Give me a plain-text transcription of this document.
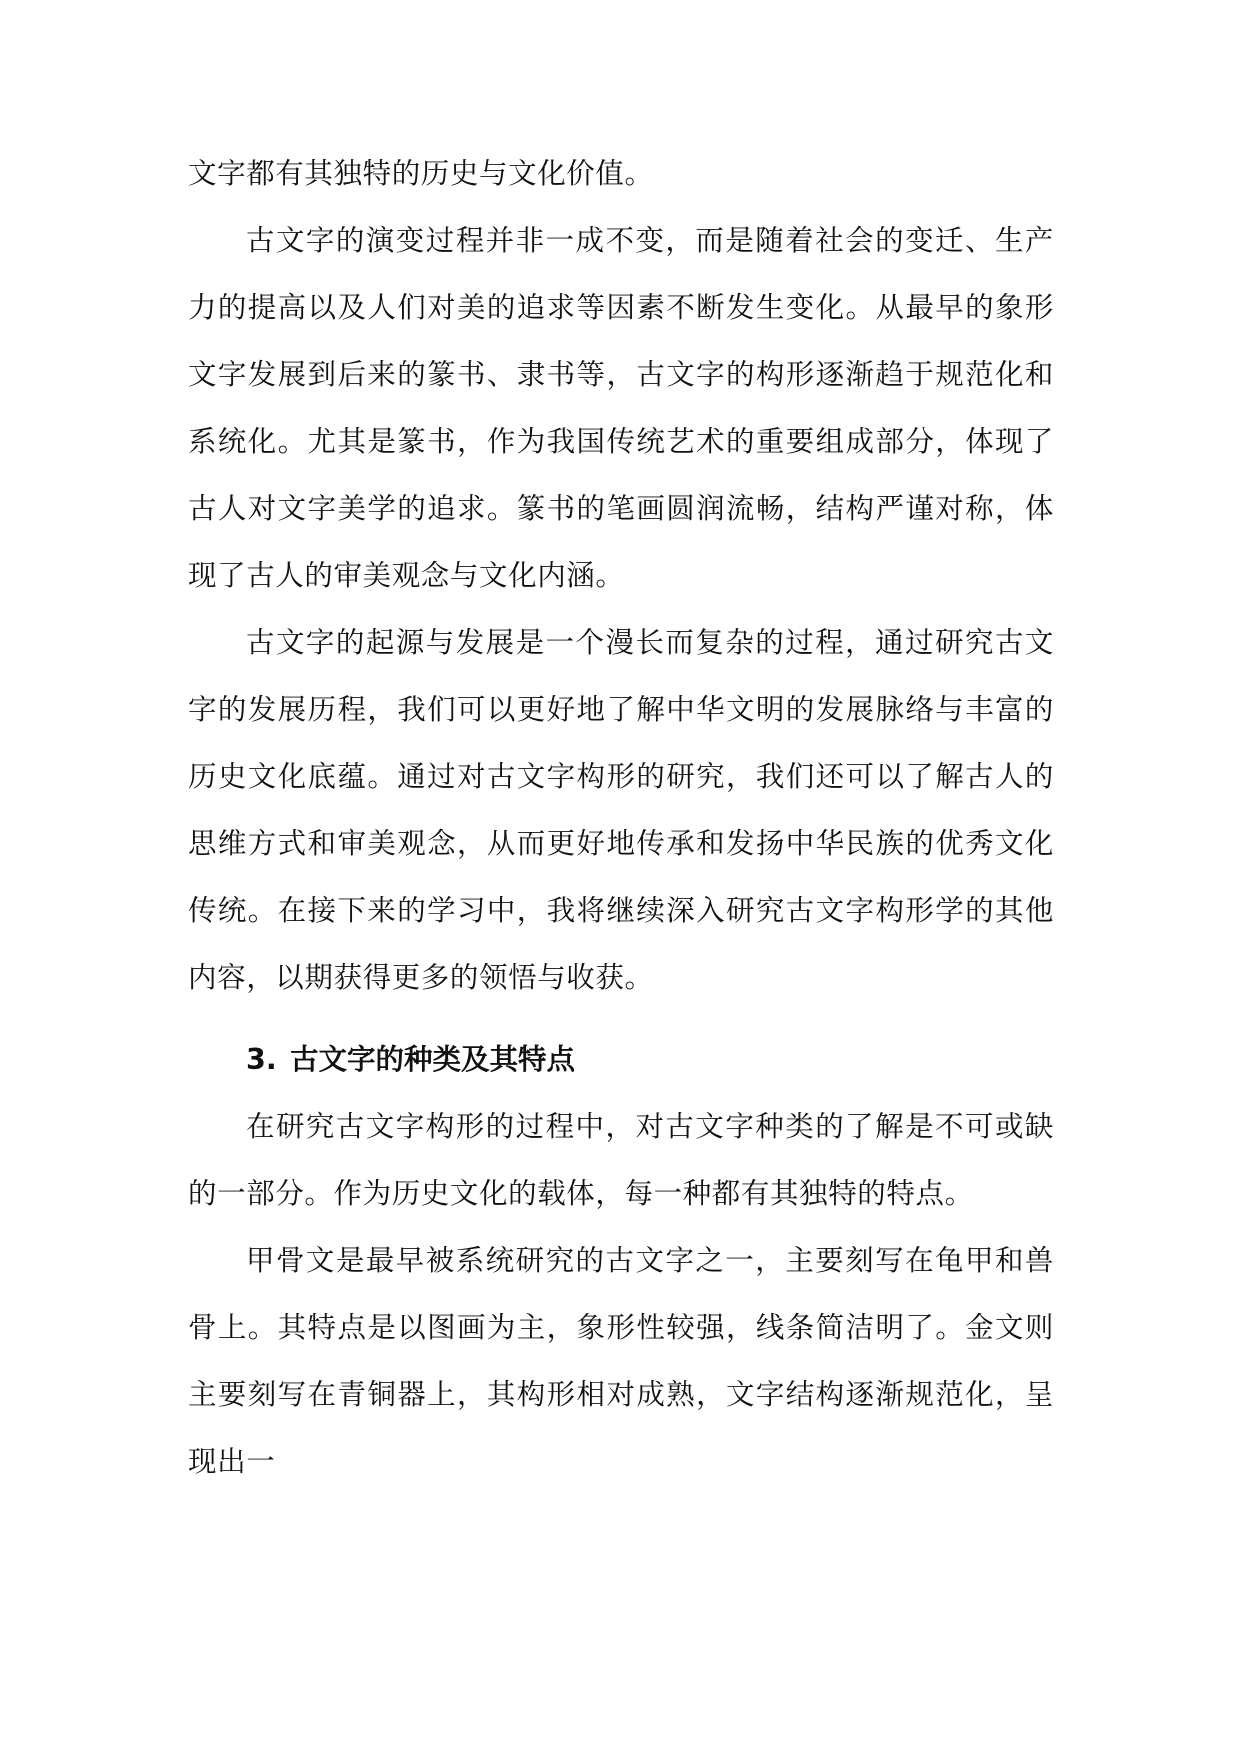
文字都有其独特的历史与文化价值。

古文字的演变过程并非一成不变，而是随着社会的变迁、生产力的提高以及人们对美的追求等因素不断发生变化。从最早的象形文字发展到后来的篆书、隶书等，古文字的构形逐渐趋于规范化和系统化。尤其是篆书，作为我国传统艺术的重要组成部分，体现了古人对文字美学的追求。篆书的笔画圆润流畅，结构严谨对称，体现了古人的审美观念与文化内涵。

古文字的起源与发展是一个漫长而复杂的过程，通过研究古文字的发展历程，我们可以更好地了解中华文明的发展脉络与丰富的历史文化底蕴。通过对古文字构形的研究，我们还可以了解古人的思维方式和审美观念，从而更好地传承和发扬中华民族的优秀文化传统。在接下来的学习中，我将继续深入研究古文字构形学的其他内容，以期获得更多的领悟与收获。

3. 古文字的种类及其特点

在研究古文字构形的过程中，对古文字种类的了解是不可或缺的一部分。作为历史文化的载体，每一种都有其独特的特点。

甲骨文是最早被系统研究的古文字之一，主要刻写在龟甲和兽骨上。其特点是以图画为主，象形性较强，线条简洁明了。金文则主要刻写在青铜器上，其构形相对成熟，文字结构逐渐规范化，呈现出一
